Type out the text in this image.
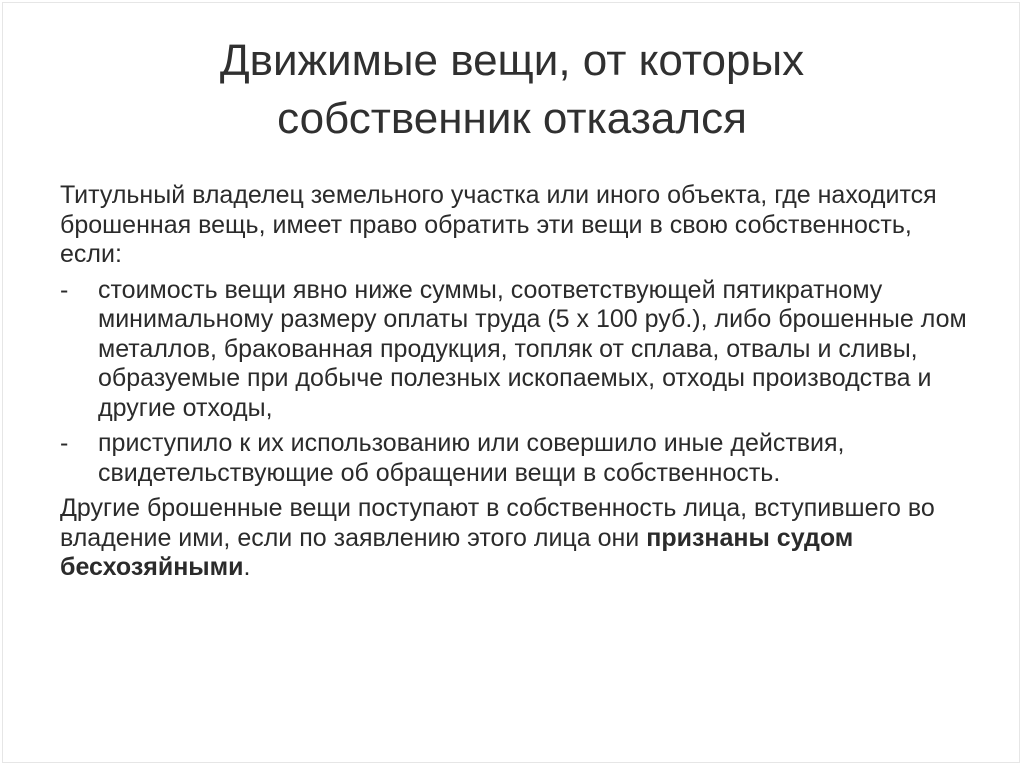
Движимые вещи, от которых
собственник отказался

Титульный владелец земельного участка или иного объекта, где находится брошенная вещь, имеет право обратить эти вещи в свою собственность, если:

- стоимость вещи явно ниже суммы, соответствующей пятикратному минимальному размеру оплаты труда (5 х 100 руб.), либо брошенные лом металлов, бракованная продукция, топляк от сплава, отвалы и сливы, образуемые при добыче полезных ископаемых, отходы производства и другие отходы,
- приступило к их использованию или совершило иные действия, свидетельствующие об обращении вещи в собственность.

Другие брошенные вещи поступают в собственность лица, вступившего во владение ими, если по заявлению этого лица они признаны судом бесхозяйными.
